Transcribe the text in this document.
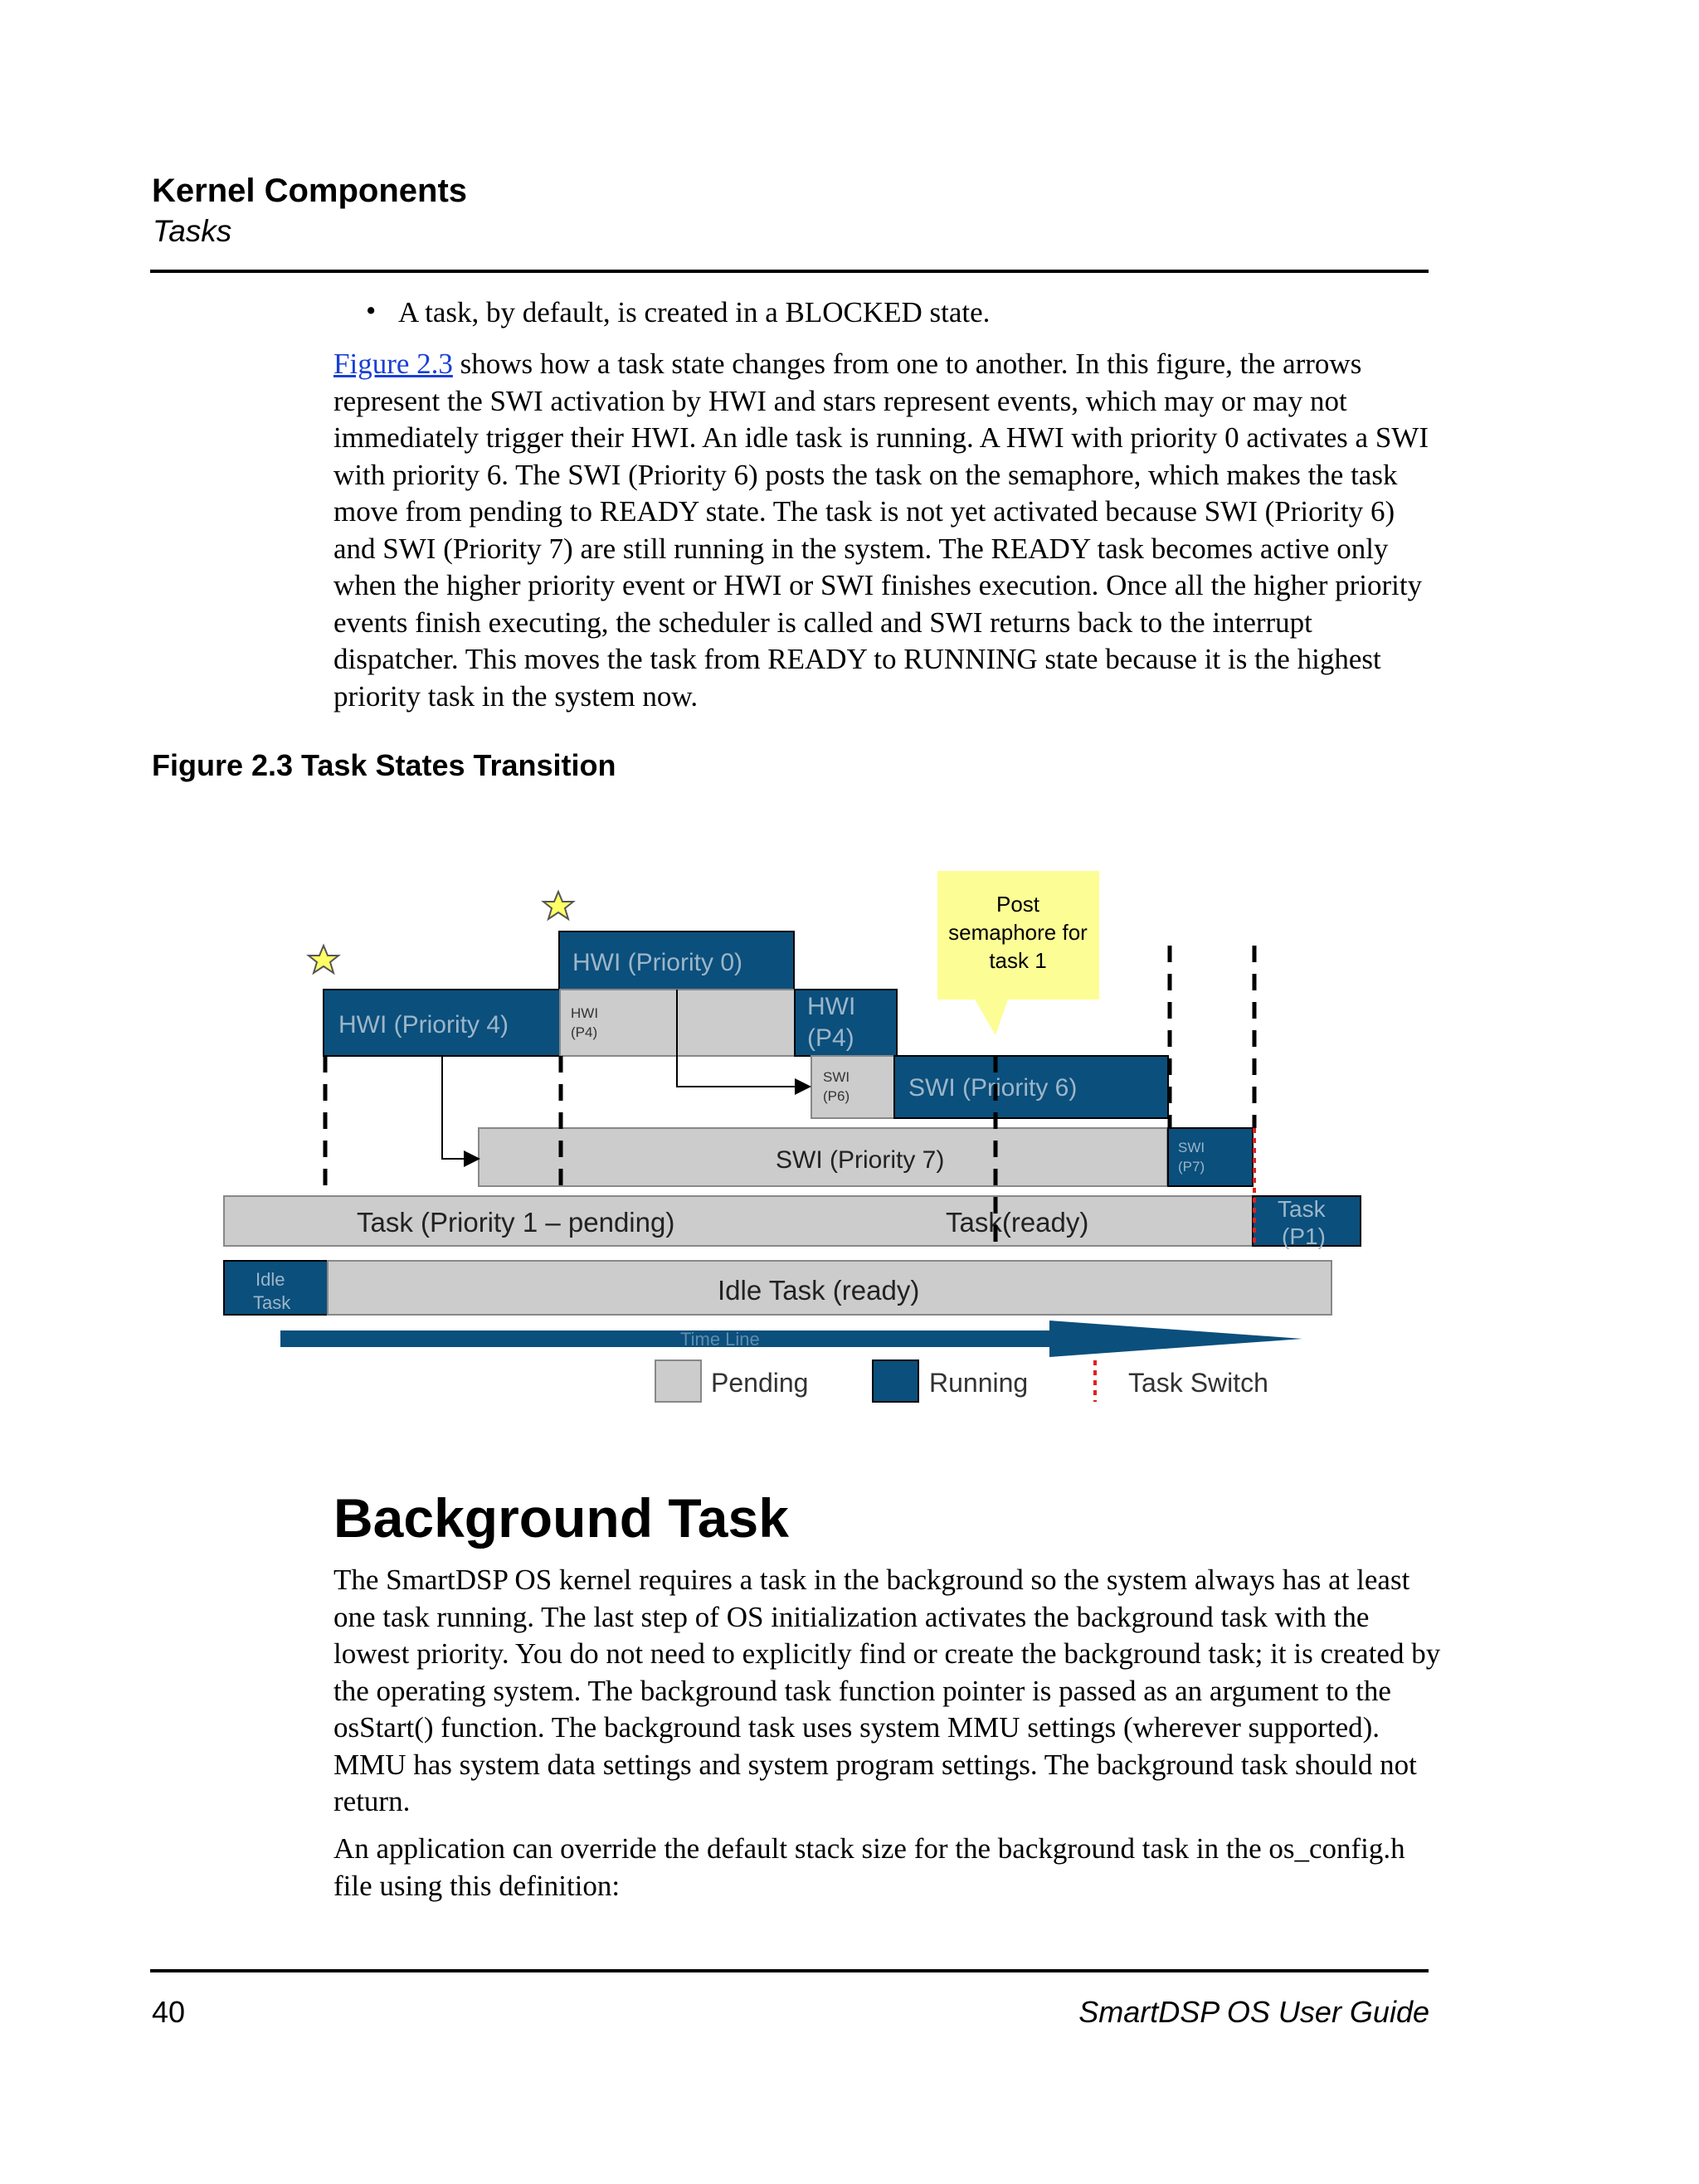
Kernel Components
Tasks
• A task, by default, is created in a BLOCKED state.
Figure 2.3 shows how a task state changes from one to another. In this figure, the arrows represent the SWI activation by HWI and stars represent events, which may or may not immediately trigger their HWI. An idle task is running. A HWI with priority 0 activates a SWI with priority 6. The SWI (Priority 6) posts the task on the semaphore, which makes the task move from pending to READY state. The task is not yet activated because SWI (Priority 6) and SWI (Priority 7) are still running in the system. The READY task becomes active only when the higher priority event or HWI or SWI finishes execution. Once all the higher priority events finish executing, the scheduler is called and SWI returns back to the interrupt dispatcher. This moves the task from READY to RUNNING state because it is the highest priority task in the system now.
Figure 2.3 Task States Transition
Post
semaphore for
task 1
HWI (Priority 0)
HWI (Priority 4)	HWI
(P4)
HWI
(P4)
SWI
(P6) SWI (Priority 6)
SWI (Priority 7)	SWI
(P7)
Task (Priority 1 – pending)	Task(ready)	Task
(P1)
Idle
Task	Idle Task (ready)
Time Line
Pending	Running	Task Switch
Background Task
The SmartDSP OS kernel requires a task in the background so the system always has at least one task running. The last step of OS initialization activates the background task with the lowest priority. You do not need to explicitly find or create the background task; it is created by the operating system. The background task function pointer is passed as an argument to the osStart() function. The background task uses system MMU settings (wherever supported). MMU has system data settings and system program settings. The background task should not return.
An application can override the default stack size for the background task in the os_config.h file using this definition:
40	SmartDSP OS User Guide
